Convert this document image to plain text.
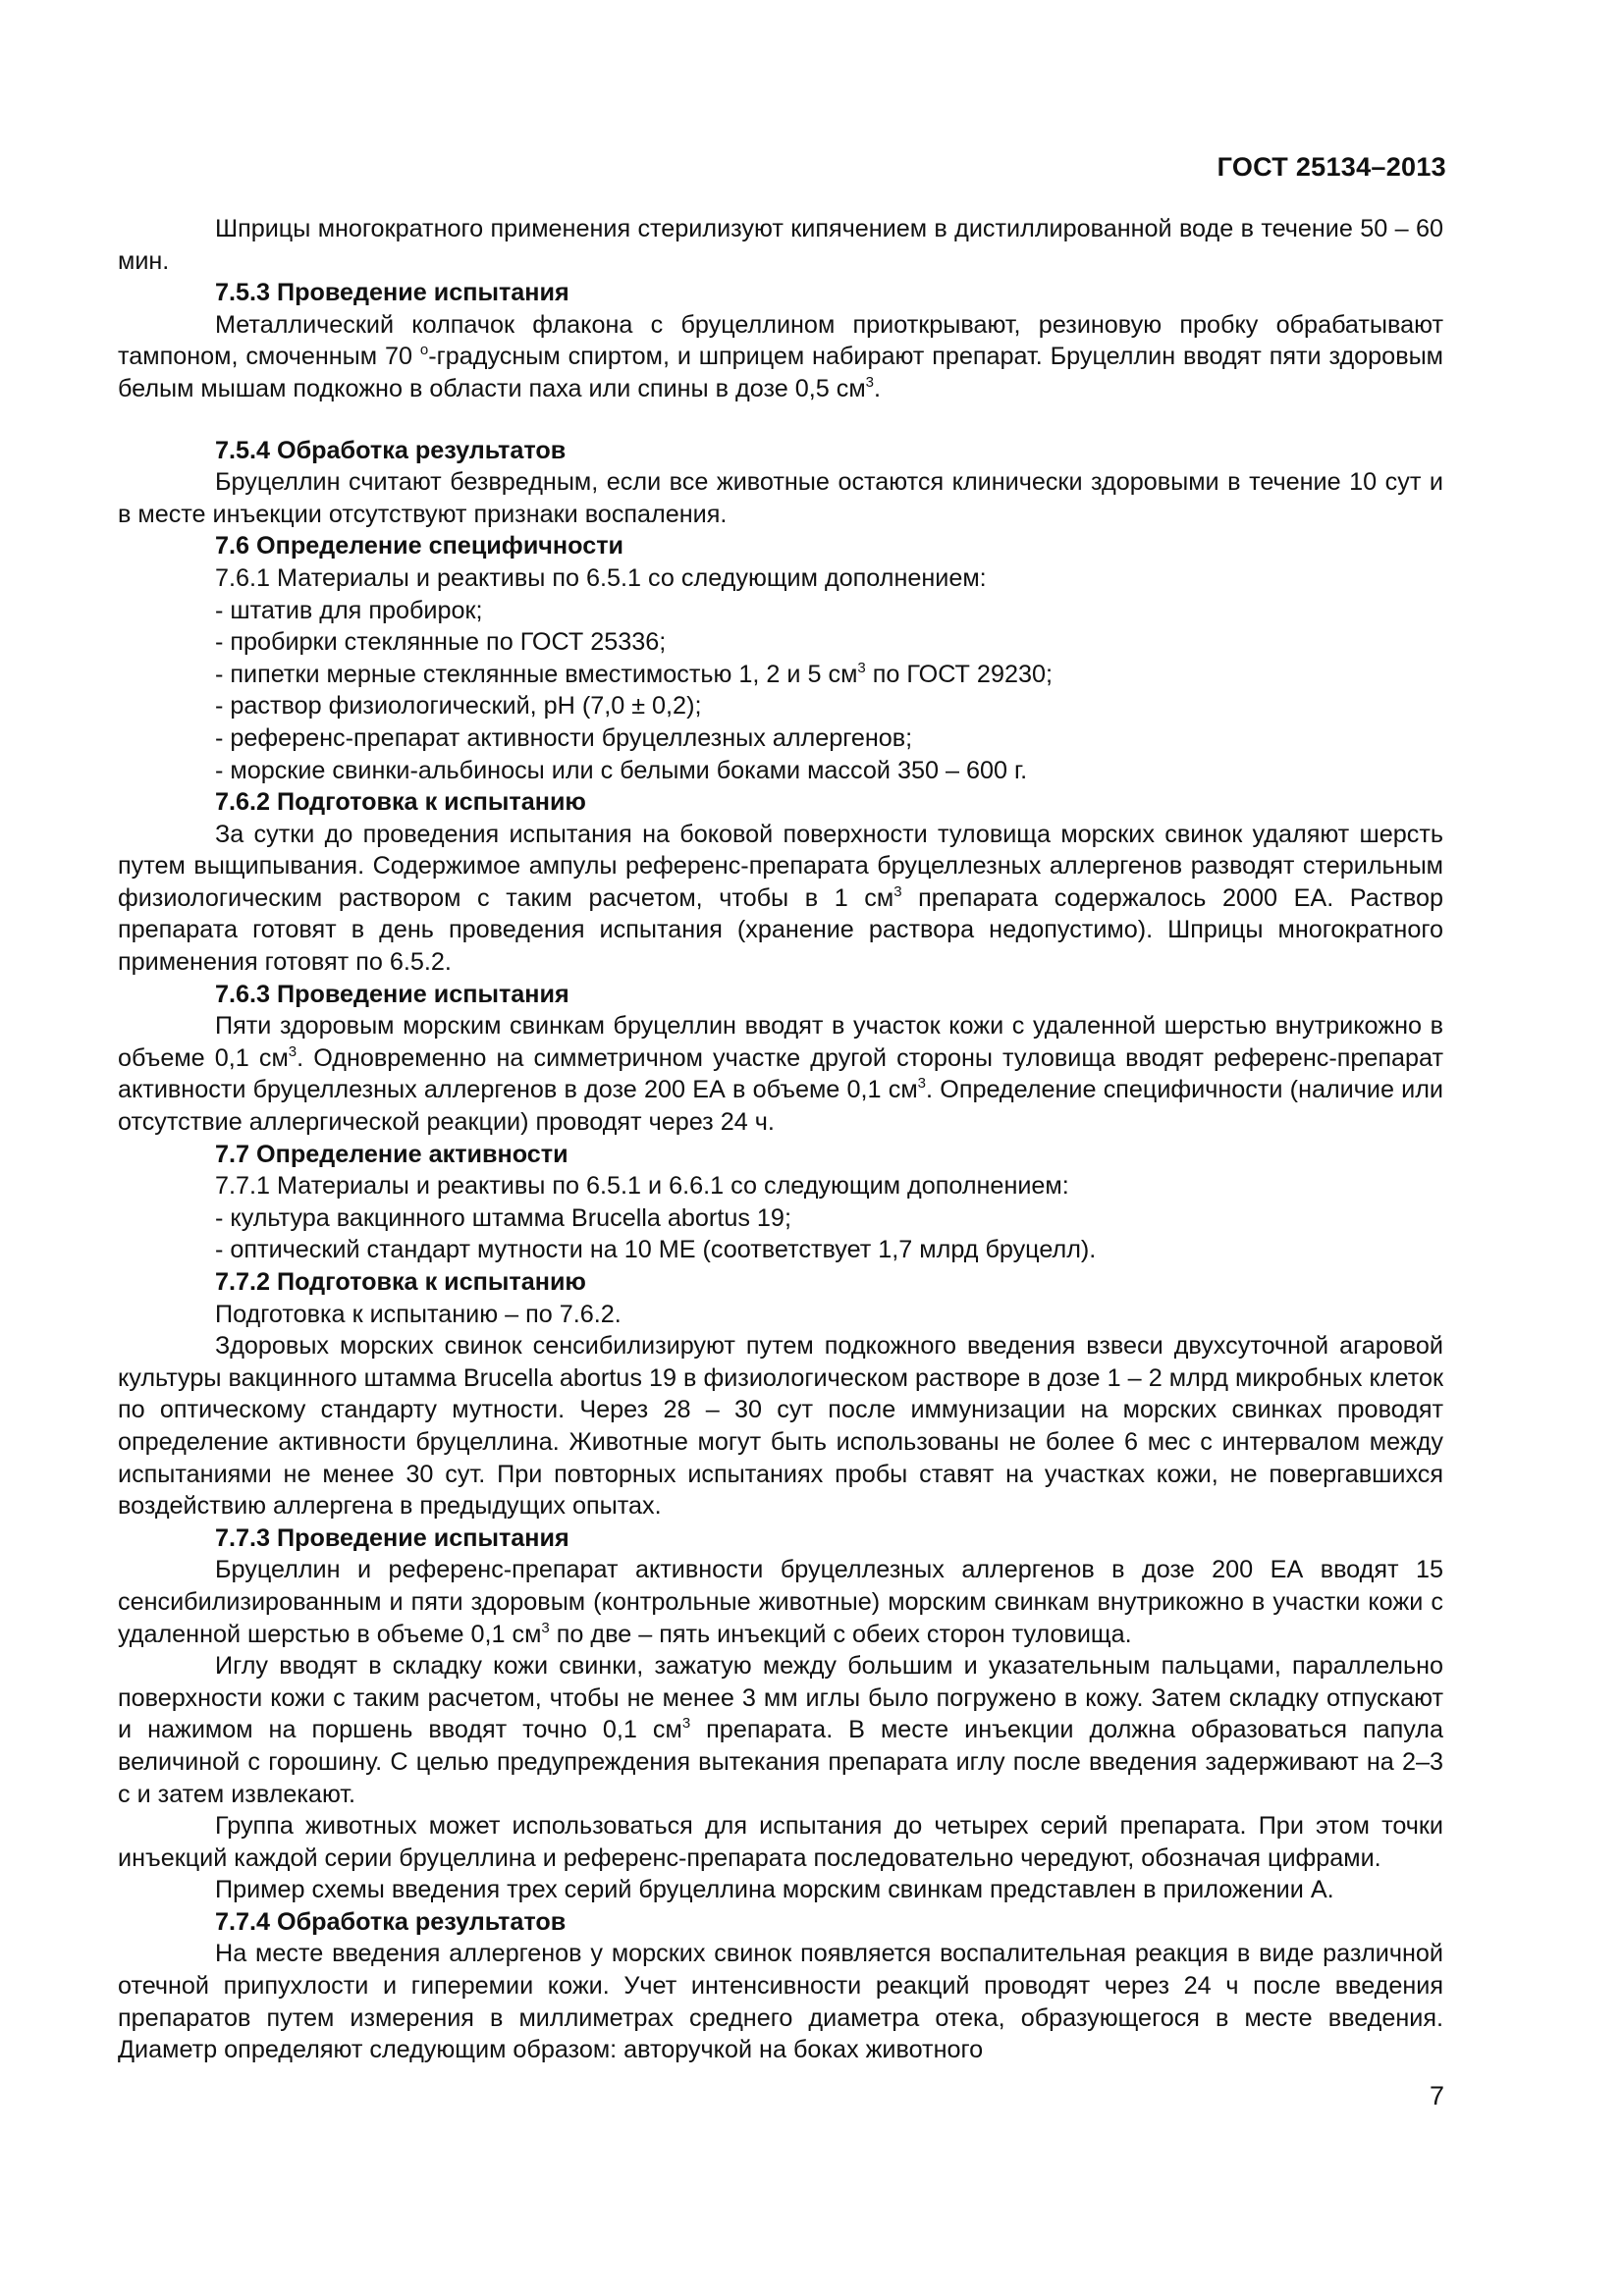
ГОСТ 25134–2013

Шприцы многократного применения стерилизуют кипячением в дистиллированной воде в течение 50 – 60 мин.

7.5.3 Проведение испытания

Металлический колпачок флакона с бруцеллином приоткрывают, резиновую пробку обрабатывают тампоном, смоченным 70 $^о$-градусным спиртом, и шприцем набирают препарат. Бруцеллин вводят пяти здоровым белым мышам подкожно в области паха или спины в дозе 0,5 $см^3$.

7.5.4 Обработка результатов

Бруцеллин считают безвредным, если все животные остаются клинически здоровыми в течение 10 сут и в месте инъекции отсутствуют признаки воспаления.

7.6 Определение специфичности

7.6.1 Материалы и реактивы по 6.5.1 со следующим дополнением:

- штатив для пробирок;

- пробирки стеклянные по ГОСТ 25336;

- пипетки мерные стеклянные вместимостью 1, 2 и 5 $см^3$ по ГОСТ 29230;

- раствор физиологический, рН (7,0 ± 0,2);

- референс-препарат активности бруцеллезных аллергенов;

- морские свинки-альбиносы или с белыми боками массой 350 – 600 г.

7.6.2 Подготовка к испытанию

За сутки до проведения испытания на боковой поверхности туловища морских свинок удаляют шерсть путем выщипывания. Содержимое ампулы референс-препарата бруцеллезных аллергенов разводят стерильным физиологическим раствором с таким расчетом, чтобы в 1 $см^3$ препарата содержалось 2000 ЕА. Раствор препарата готовят в день проведения испытания (хранение раствора недопустимо). Шприцы многократного применения готовят по 6.5.2.

7.6.3 Проведение испытания

Пяти здоровым морским свинкам бруцеллин вводят в участок кожи с удаленной шерстью внутрикожно в объеме 0,1 $см^3$. Одновременно на симметричном участке другой стороны туловища вводят референс-препарат активности бруцеллезных аллергенов в дозе 200 ЕА в объеме 0,1 $см^3$. Определение специфичности (наличие или отсутствие аллергической реакции) проводят через 24 ч.

7.7 Определение активности

7.7.1 Материалы и реактивы по 6.5.1 и 6.6.1 со следующим дополнением:

- культура вакцинного штамма Brucella abortus 19;

- оптический стандарт мутности на 10 МЕ (соответствует 1,7 млрд бруцелл).

7.7.2 Подготовка к испытанию

Подготовка к испытанию – по 7.6.2.

Здоровых морских свинок сенсибилизируют путем подкожного введения взвеси двухсуточной агаровой культуры вакцинного штамма Brucella abortus 19 в физиологическом растворе в дозе 1 – 2 млрд микробных клеток по оптическому стандарту мутности. Через 28 – 30 сут после иммунизации на морских свинках проводят определение активности бруцеллина. Животные могут быть использованы не более 6 мес с интервалом между испытаниями не менее 30 сут. При повторных испытаниях пробы ставят на участках кожи, не повергавшихся воздействию аллергена в предыдущих опытах.

7.7.3 Проведение испытания

Бруцеллин и референс-препарат активности бруцеллезных аллергенов в дозе 200 ЕА вводят 15 сенсибилизированным и пяти здоровым (контрольные животные) морским свинкам внутрикожно в участки кожи с удаленной шерстью в объеме 0,1 $см^3$ по две – пять инъекций с обеих сторон туловища.

Иглу вводят в складку кожи свинки, зажатую между большим и указательным пальцами, параллельно поверхности кожи с таким расчетом, чтобы не менее 3 мм иглы было погружено в кожу. Затем складку отпускают и нажимом на поршень вводят точно 0,1 $см^3$ препарата. В месте инъекции должна образоваться папула величиной с горошину. С целью предупреждения вытекания препарата иглу после введения задерживают на 2–3 с и затем извлекают.

Группа животных может использоваться для испытания до четырех серий препарата. При этом точки инъекций каждой серии бруцеллина и референс-препарата последовательно чередуют, обозначая цифрами.

Пример схемы введения трех серий бруцеллина морским свинкам представлен в приложении А.

7.7.4 Обработка результатов

На месте введения аллергенов у морских свинок появляется воспалительная реакция в виде различной отечной припухлости и гиперемии кожи. Учет интенсивности реакций проводят через 24 ч после введения препаратов путем измерения в миллиметрах среднего диаметра отека, образующегося в месте введения. Диаметр определяют следующим образом: авторучкой на боках животного

7
